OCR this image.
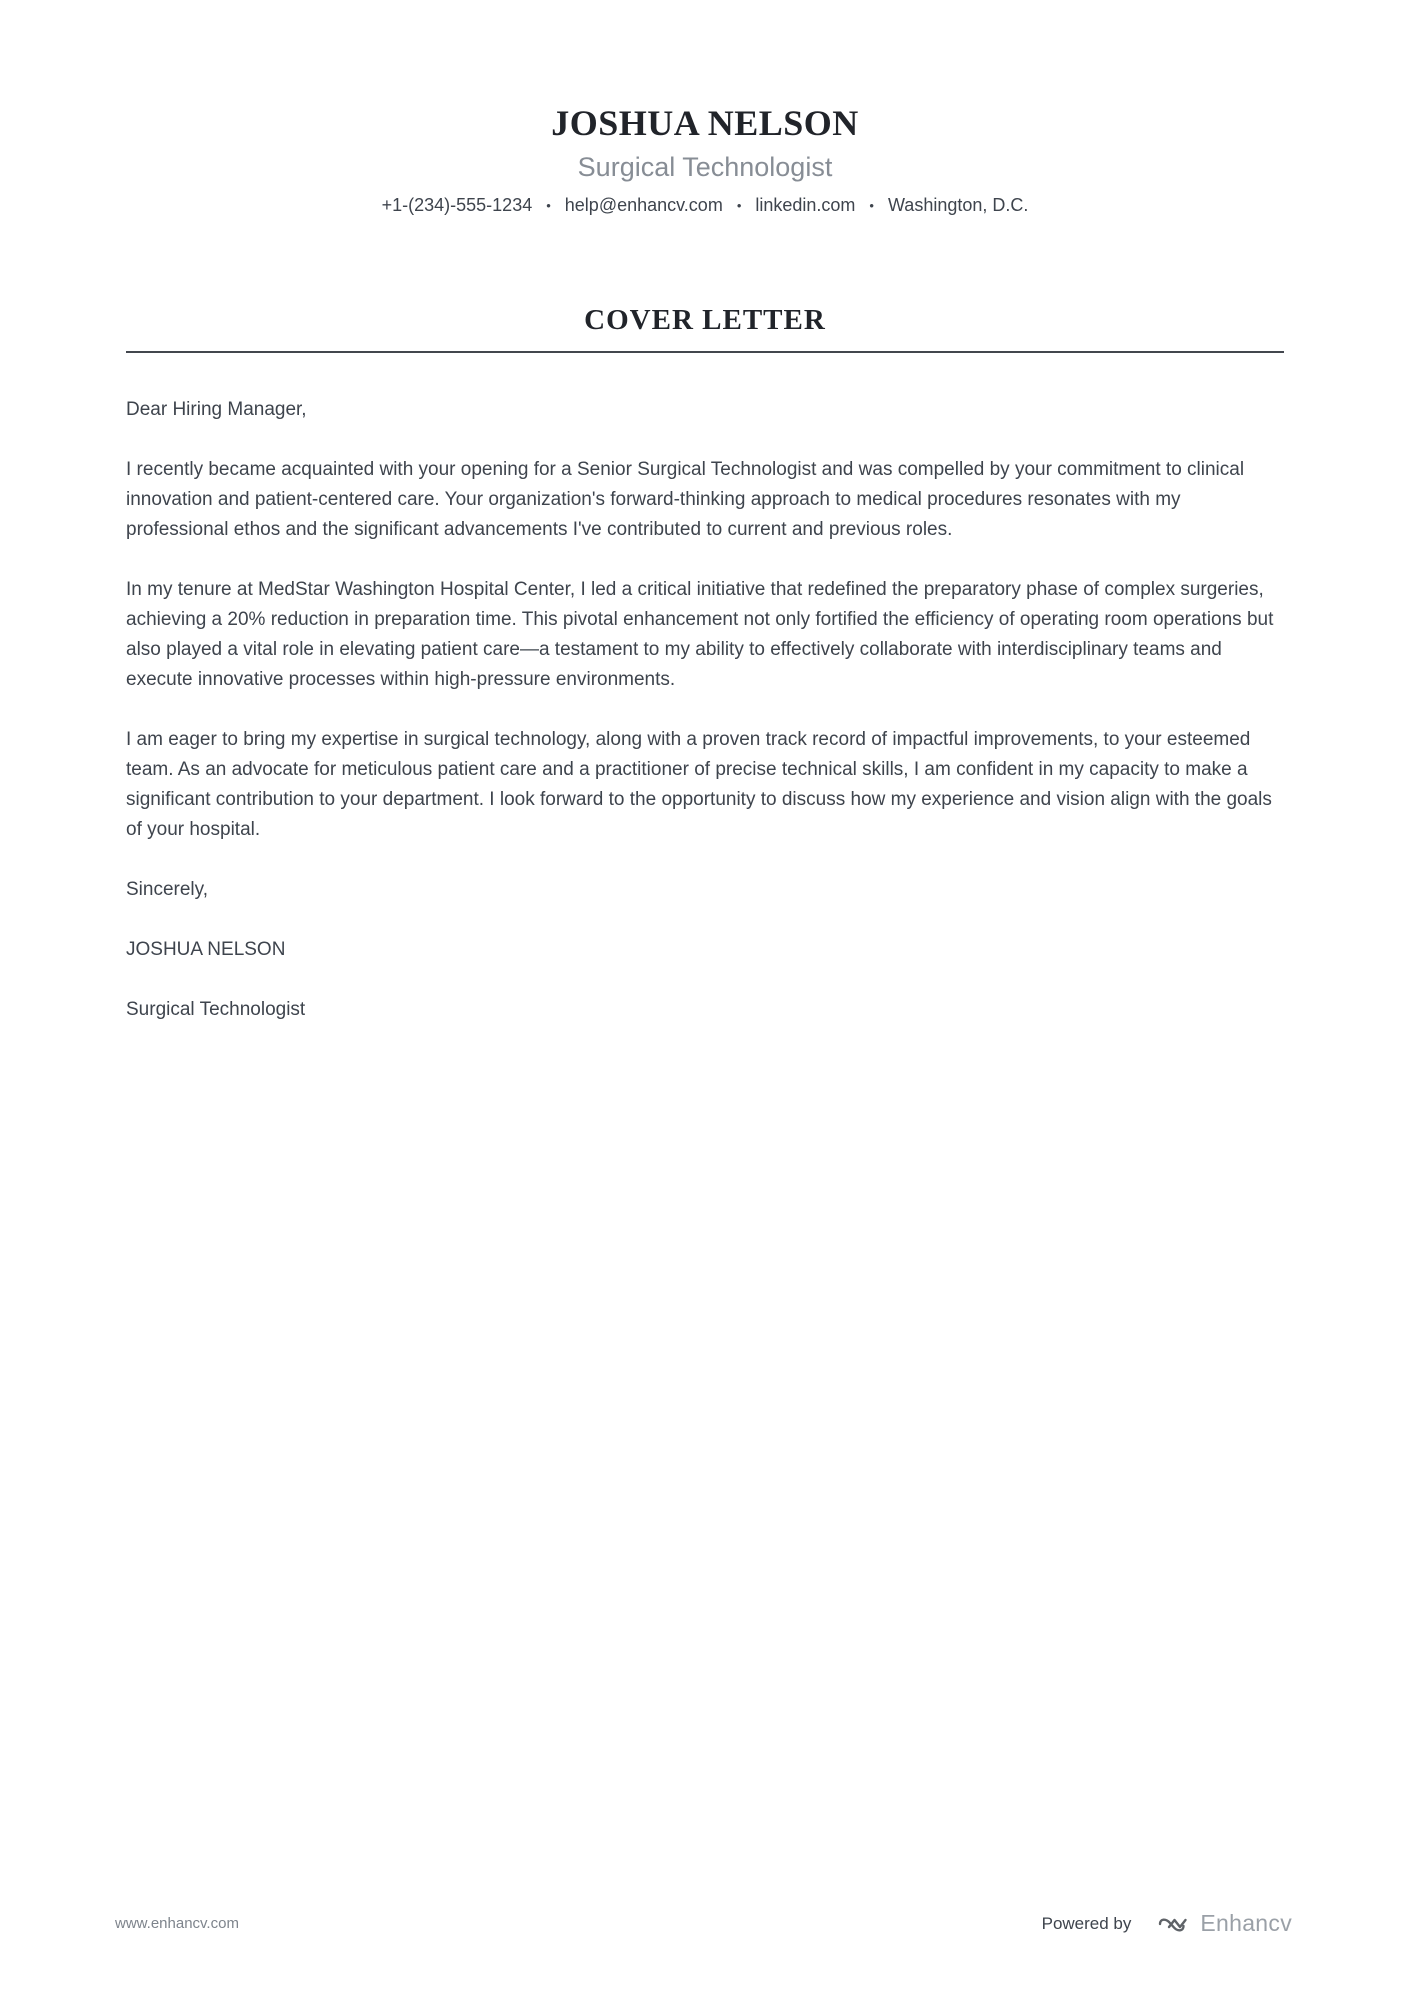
JOSHUA NELSON
Surgical Technologist
+1-(234)-555-1234 • help@enhancv.com • linkedin.com • Washington, D.C.
COVER LETTER

Dear Hiring Manager,

I recently became acquainted with your opening for a Senior Surgical Technologist and was compelled by your commitment to clinical innovation and patient-centered care. Your organization's forward-thinking approach to medical procedures resonates with my professional ethos and the significant advancements I've contributed to current and previous roles.

In my tenure at MedStar Washington Hospital Center, I led a critical initiative that redefined the preparatory phase of complex surgeries, achieving a 20% reduction in preparation time. This pivotal enhancement not only fortified the efficiency of operating room operations but also played a vital role in elevating patient care—a testament to my ability to effectively collaborate with interdisciplinary teams and execute innovative processes within high-pressure environments.

I am eager to bring my expertise in surgical technology, along with a proven track record of impactful improvements, to your esteemed team. As an advocate for meticulous patient care and a practitioner of precise technical skills, I am confident in my capacity to make a significant contribution to your department. I look forward to the opportunity to discuss how my experience and vision align with the goals of your hospital.

Sincerely,

JOSHUA NELSON

Surgical Technologist

www.enhancv.com	Powered by	Enhancv
